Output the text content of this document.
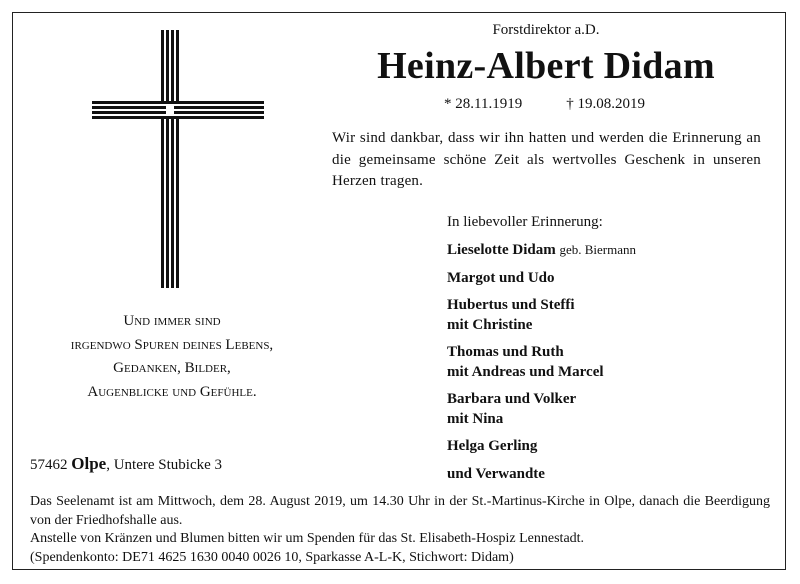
Und immer sind
irgendwo Spuren deines Lebens,
Gedanken, Bilder,
Augenblicke und Gefühle.
57462 Olpe, Untere Stubicke 3
Forstdirektor a.D.
Heinz-Albert Didam
* 28.11.1919	† 19.08.2019
Wir sind dankbar, dass wir ihn hatten und werden die Erinnerung an die gemeinsame schöne Zeit als wertvolles Geschenk in unseren Herzen tragen.
In liebevoller Erinnerung:
Lieselotte Didam geb. Biermann
Margot und Udo
Hubertus und Steffi
mit Christine
Thomas und Ruth
mit Andreas und Marcel
Barbara und Volker
mit Nina
Helga Gerling
und Verwandte
Das Seelenamt ist am Mittwoch, dem 28. August 2019, um 14.30 Uhr in der St.-Martinus-Kirche in Olpe, danach die Beerdigung von der Friedhofshalle aus.
Anstelle von Kränzen und Blumen bitten wir um Spenden für das St. Elisabeth-Hospiz Lennestadt.
(Spendenkonto: DE71 4625 1630 0040 0026 10, Sparkasse A-L-K, Stichwort: Didam)
